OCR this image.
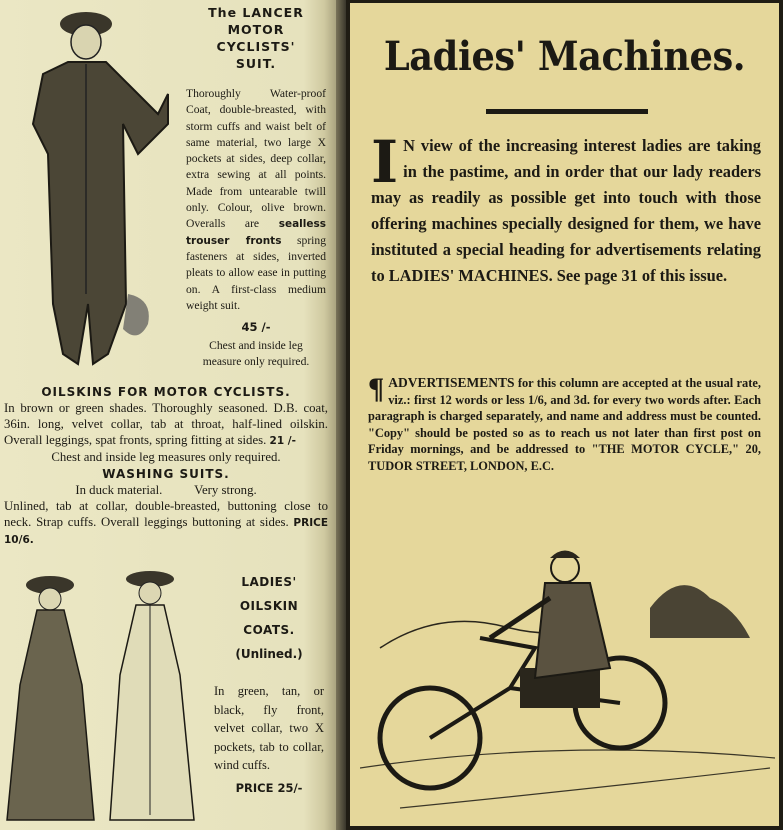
The LANCER
MOTOR CYCLISTS'
SUIT.

Thoroughly Water-proof Coat, double-breasted, with storm cuffs and waist belt of same material, two large X pockets at sides, deep collar, extra sewing at all points. Made from untearable twill only. Colour, olive brown. Overalls are sealless trouser fronts spring fasteners at sides, inverted pleats to allow ease in putting on. A first-class medium weight suit.

45 /-

Chest and inside leg measure only required.

OILSKINS FOR MOTOR CYCLISTS.

In brown or green shades. Thoroughly seasoned. D.B. coat, 36in. long, velvet collar, tab at throat, half-lined oilskin. Overall leggings, spat fronts, spring fitting at sides. 21 /-

Chest and inside leg measures only required.

WASHING SUITS.

In duck material.          Very strong.

Unlined, tab at collar, double-breasted, buttoning close to neck. Strap cuffs. Overall leggings buttoning at sides. PRICE 10/6.

LADIES'
OILSKIN
COATS.
(Unlined.)

In green, tan, or black, fly front, velvet collar, two X pockets, tab to collar, wind cuffs.

PRICE 25/-
Ladies' Machines.

I N view of the increasing interest ladies are taking in the pastime, and in order that our lady readers may as readily as possible get into touch with those offering machines specially designed for them, we have instituted a special heading for advertisements relating to LADIES' MACHINES. See page 31 of this issue.

¶ ADVERTISEMENTS for this column are accepted at the usual rate, viz.: first 12 words or less 1/6, and 3d. for every two words after. Each paragraph is charged separately, and name and address must be counted. "Copy" should be posted so as to reach us not later than first post on Friday mornings, and be addressed to "THE MOTOR CYCLE," 20, TUDOR STREET, LONDON, E.C.
